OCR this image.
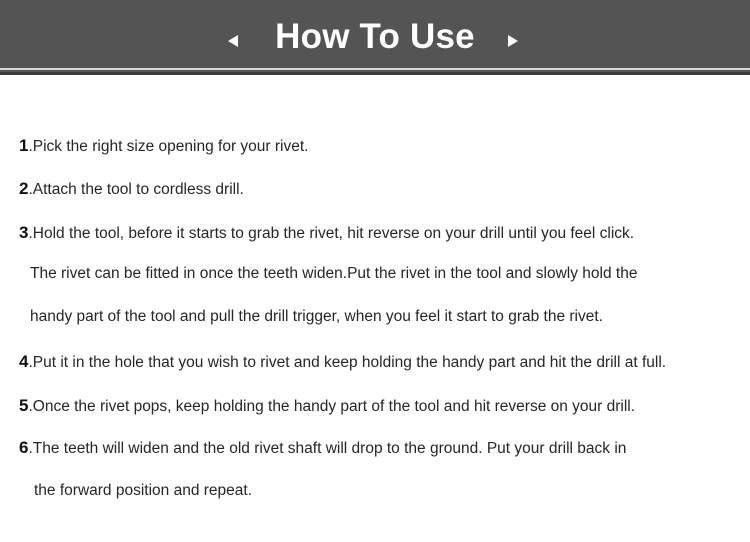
How To Use
1.Pick the right size opening for your rivet.
2.Attach the tool to cordless drill.
3.Hold the tool, before it starts to grab the rivet, hit reverse on your drill until you feel click.
The rivet can be fitted in once the teeth widen.Put the rivet in the tool and slowly hold the
handy part of the tool and pull the drill trigger, when you feel it start to grab the rivet.
4.Put it in the hole that you wish to rivet and keep holding the handy part and hit the drill at full.
5.Once the rivet pops, keep holding the handy part of the tool and hit reverse on your drill.
6.The teeth will widen and the old rivet shaft will drop to the ground. Put your drill back in
the forward position and repeat.
